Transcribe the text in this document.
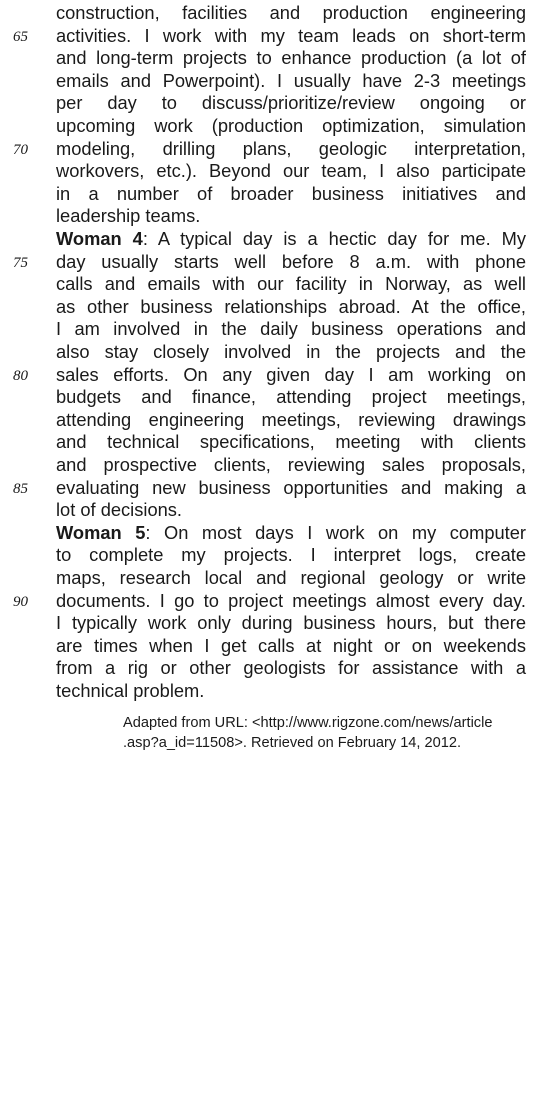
construction, facilities and production engineering
activities. I work with my team leads on short-term
and long-term projects to enhance production (a lot of
emails and Powerpoint). I usually have 2-3 meetings
per day to discuss/prioritize/review ongoing or
upcoming work (production optimization, simulation
modeling, drilling plans, geologic interpretation,
workovers, etc.). Beyond our team, I also participate
in a number of broader business initiatives and
leadership teams.
Woman 4: A typical day is a hectic day for me. My
day usually starts well before 8 a.m. with phone
calls and emails with our facility in Norway, as well
as other business relationships abroad. At the office,
I am involved in the daily business operations and
also stay closely involved in the projects and the
sales efforts. On any given day I am working on
budgets and finance, attending project meetings,
attending engineering meetings, reviewing drawings
and technical specifications, meeting with clients
and prospective clients, reviewing sales proposals,
evaluating new business opportunities and making a
lot of decisions.
Woman 5: On most days I work on my computer
to complete my projects. I interpret logs, create
maps, research local and regional geology or write
documents. I go to project meetings almost every day.
I typically work only during business hours, but there
are times when I get calls at night or on weekends
from a rig or other geologists for assistance with a
technical problem.
65
70
75
80
85
90
Adapted from URL: <http://www.rigzone.com/news/article
.asp?a_id=11508>. Retrieved on February 14, 2012.
